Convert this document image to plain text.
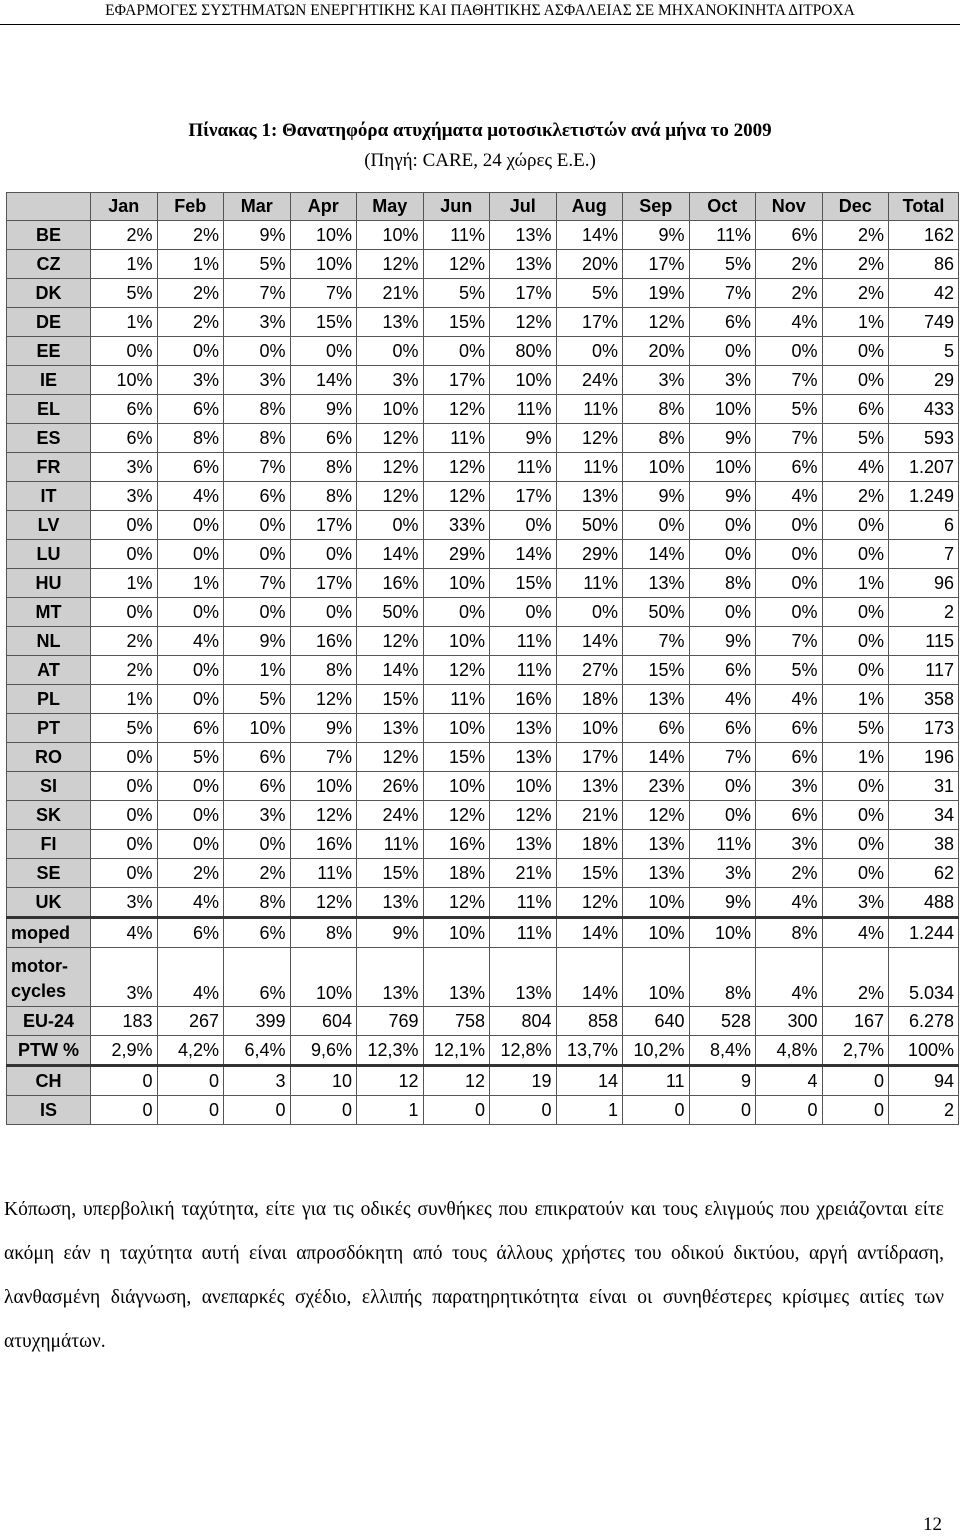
ΕΦΑΡΜΟΓΕΣ ΣΥΣΤΗΜΑΤΩΝ ΕΝΕΡΓΗΤΙΚΗΣ ΚΑΙ ΠΑΘΗΤΙΚΗΣ ΑΣΦΑΛΕΙΑΣ ΣΕ ΜΗΧΑΝΟΚΙΝΗΤΑ ΔΙΤΡΟΧΑ
Πίνακας 1: Θανατηφόρα ατυχήματα μοτοσικλετιστών ανά μήνα το 2009
(Πηγή: CARE, 24 χώρες Ε.Ε.)
	Jan	Feb	Mar	Apr	May	Jun	Jul	Aug	Sep	Oct	Nov	Dec	Total
BE	2%	2%	9%	10%	10%	11%	13%	14%	9%	11%	6%	2%	162
CZ	1%	1%	5%	10%	12%	12%	13%	20%	17%	5%	2%	2%	86
DK	5%	2%	7%	7%	21%	5%	17%	5%	19%	7%	2%	2%	42
DE	1%	2%	3%	15%	13%	15%	12%	17%	12%	6%	4%	1%	749
EE	0%	0%	0%	0%	0%	0%	80%	0%	20%	0%	0%	0%	5
IE	10%	3%	3%	14%	3%	17%	10%	24%	3%	3%	7%	0%	29
EL	6%	6%	8%	9%	10%	12%	11%	11%	8%	10%	5%	6%	433
ES	6%	8%	8%	6%	12%	11%	9%	12%	8%	9%	7%	5%	593
FR	3%	6%	7%	8%	12%	12%	11%	11%	10%	10%	6%	4%	1.207
IT	3%	4%	6%	8%	12%	12%	17%	13%	9%	9%	4%	2%	1.249
LV	0%	0%	0%	17%	0%	33%	0%	50%	0%	0%	0%	0%	6
LU	0%	0%	0%	0%	14%	29%	14%	29%	14%	0%	0%	0%	7
HU	1%	1%	7%	17%	16%	10%	15%	11%	13%	8%	0%	1%	96
MT	0%	0%	0%	0%	50%	0%	0%	0%	50%	0%	0%	0%	2
NL	2%	4%	9%	16%	12%	10%	11%	14%	7%	9%	7%	0%	115
AT	2%	0%	1%	8%	14%	12%	11%	27%	15%	6%	5%	0%	117
PL	1%	0%	5%	12%	15%	11%	16%	18%	13%	4%	4%	1%	358
PT	5%	6%	10%	9%	13%	10%	13%	10%	6%	6%	6%	5%	173
RO	0%	5%	6%	7%	12%	15%	13%	17%	14%	7%	6%	1%	196
SI	0%	0%	6%	10%	26%	10%	10%	13%	23%	0%	3%	0%	31
SK	0%	0%	3%	12%	24%	12%	12%	21%	12%	0%	6%	0%	34
FI	0%	0%	0%	16%	11%	16%	13%	18%	13%	11%	3%	0%	38
SE	0%	2%	2%	11%	15%	18%	21%	15%	13%	3%	2%	0%	62
UK	3%	4%	8%	12%	13%	12%	11%	12%	10%	9%	4%	3%	488
moped	4%	6%	6%	8%	9%	10%	11%	14%	10%	10%	8%	4%	1.244

motor-
cycles	3%	4%	6%	10%	13%	13%	13%	14%	10%	8%	4%	2%	5.034
EU-24	183	267	399	604	769	758	804	858	640	528	300	167	6.278
PTW %	2,9%	4,2%	6,4%	9,6%	12,3%	12,1%	12,8%	13,7%	10,2%	8,4%	4,8%	2,7%	100%
CH	0	0	3	10	12	12	19	14	11	9	4	0	94
IS	0	0	0	0	1	0	0	1	0	0	0	0	2
Κόπωση, υπερβολική ταχύτητα, είτε για τις οδικές συνθήκες που επικρατούν και τους ελιγμούς που χρειάζονται είτε ακόμη εάν η ταχύτητα αυτή είναι απροσδόκητη από τους άλλους χρήστες του οδικού δικτύου, αργή αντίδραση, λανθασμένη διάγνωση, ανεπαρκές σχέδιο, ελλιπής παρατηρητικότητα είναι οι συνηθέστερες κρίσιμες αιτίες των ατυχημάτων.
12
